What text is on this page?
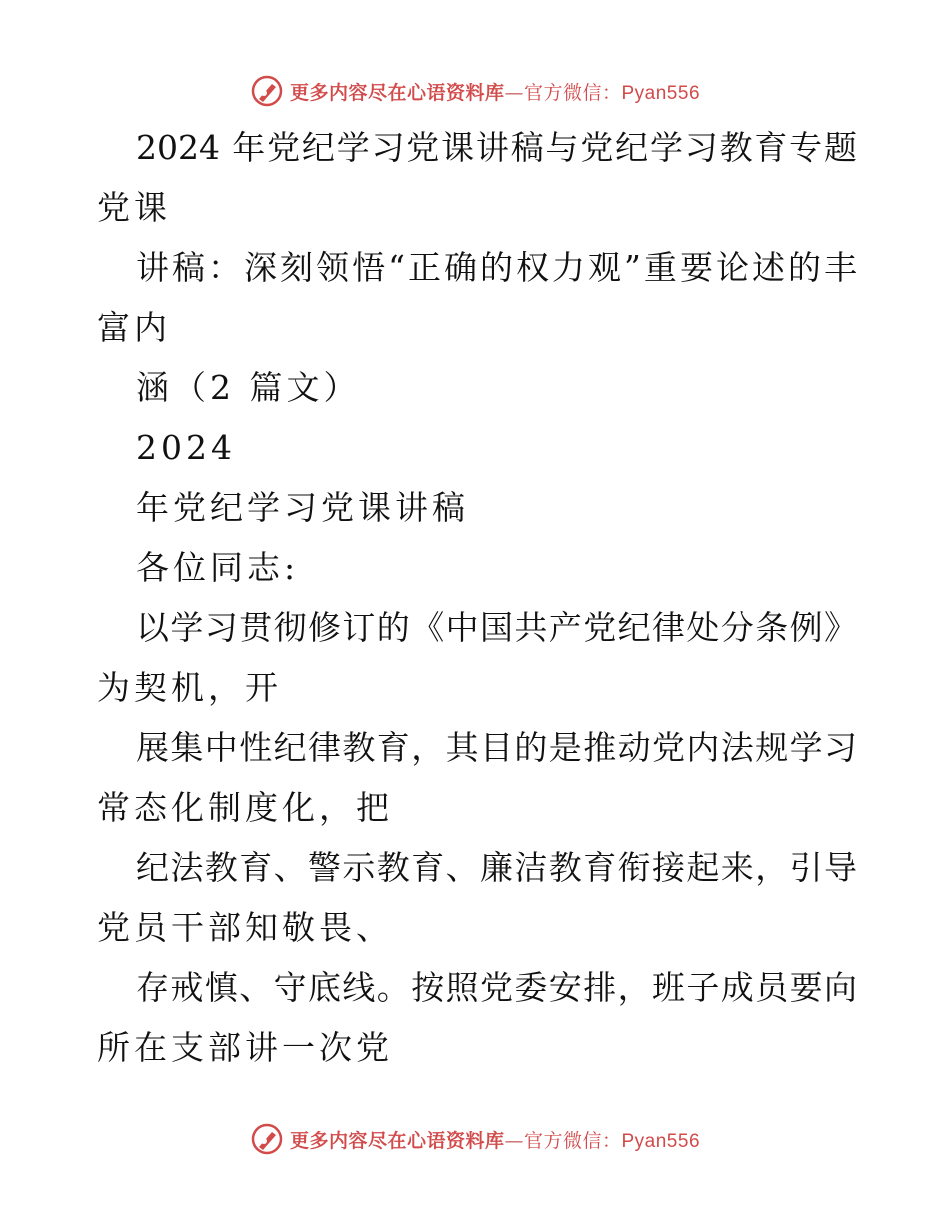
更多内容尽在心语资料库—官方微信：Pyan556
2024 年党纪学习党课讲稿与党纪学习教育专题
党课
讲稿：深刻领悟“正确的权力观”重要论述的丰
富内
涵（2 篇文）
2024
年党纪学习党课讲稿
各位同志:
以学习贯彻修订的《中国共产党纪律处分条例》
为契机，开
展集中性纪律教育，其目的是推动党内法规学习
常态化制度化，把
纪法教育、警示教育、廉洁教育衔接起来，引导
党员干部知敬畏、
存戒慎、守底线。按照党委安排，班子成员要向
所在支部讲一次党
更多内容尽在心语资料库—官方微信：Pyan556
